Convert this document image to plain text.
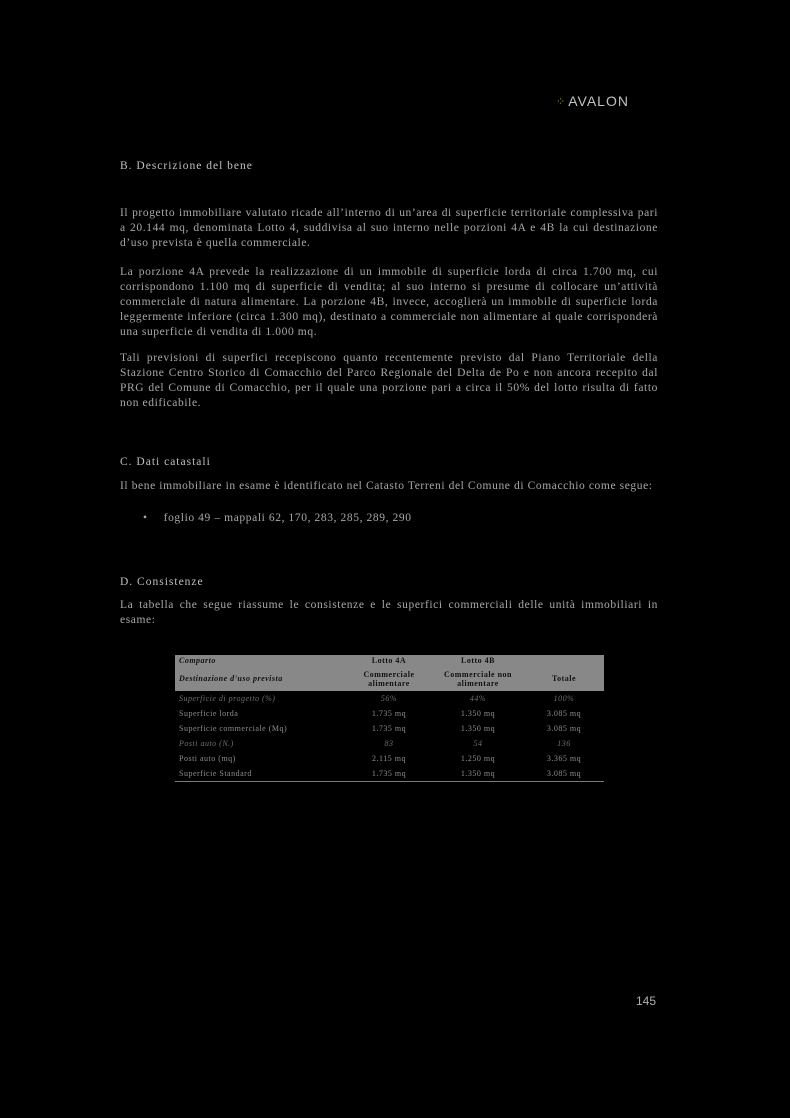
⁘ AVALON
B. Descrizione del bene

Il progetto immobiliare valutato ricade all’interno di un’area di superficie territoriale complessiva pari a 20.144 mq, denominata Lotto 4, suddivisa al suo interno nelle porzioni 4A e 4B la cui destinazione d’uso prevista è quella commerciale.

La porzione 4A prevede la realizzazione di un immobile di superficie lorda di circa 1.700 mq, cui corrispondono 1.100 mq di superficie di vendita; al suo interno si presume di collocare un’attività commerciale di natura alimentare. La porzione 4B, invece, accoglierà un immobile di superficie lorda leggermente inferiore (circa 1.300 mq), destinato a commerciale non alimentare al quale corrisponderà una superficie di vendita di 1.000 mq.

Tali previsioni di superfici recepiscono quanto recentemente previsto dal Piano Territoriale della Stazione Centro Storico di Comacchio del Parco Regionale del Delta de Po e non ancora recepito dal PRG del Comune di Comacchio, per il quale una porzione pari a circa il 50% del lotto risulta di fatto non edificabile.

C. Dati catastali

Il bene immobiliare in esame è identificato nel Catasto Terreni del Comune di Comacchio come segue:

• foglio 49 – mappali 62, 170, 283, 285, 289, 290
D. Consistenze

La tabella che segue riassume le consistenze e le superfici commerciali delle unità immobiliari in esame:

Comparto		Lotto 4A		Lotto 4B		
Destinazione d'uso prevista		Commerciale alimentare		Commerciale non alimentare		Totale
Superficie di progetto (%)		56%		44%		100%
Superficie lorda		1.735 mq		1.350 mq		3.085 mq
Superficie commerciale (Mq)		1.735 mq		1.350 mq		3.085 mq
Posti auto (N.)		83		54		136
Posti auto (mq)		2.115 mq		1.250 mq		3.365 mq
Superficie Standard		1.735 mq		1.350 mq		3.085 mq
145
